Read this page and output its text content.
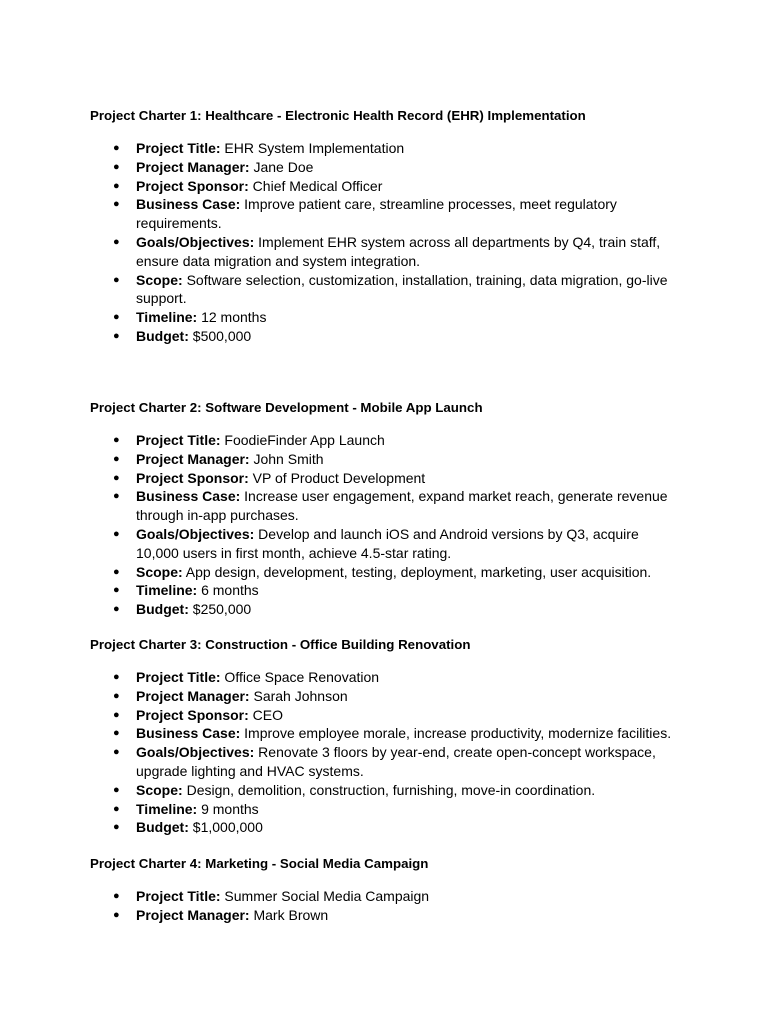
Project Charter 1: Healthcare - Electronic Health Record (EHR) Implementation

● Project Title: EHR System Implementation
● Project Manager: Jane Doe
● Project Sponsor: Chief Medical Officer
● Business Case: Improve patient care, streamline processes, meet regulatory requirements.
● Goals/Objectives: Implement EHR system across all departments by Q4, train staff, ensure data migration and system integration.
● Scope: Software selection, customization, installation, training, data migration, go-live support.
● Timeline: 12 months
● Budget: $500,000

Project Charter 2: Software Development - Mobile App Launch

● Project Title: FoodieFinder App Launch
● Project Manager: John Smith
● Project Sponsor: VP of Product Development
● Business Case: Increase user engagement, expand market reach, generate revenue through in-app purchases.
● Goals/Objectives: Develop and launch iOS and Android versions by Q3, acquire 10,000 users in first month, achieve 4.5-star rating.
● Scope: App design, development, testing, deployment, marketing, user acquisition.
● Timeline: 6 months
● Budget: $250,000

Project Charter 3: Construction - Office Building Renovation

● Project Title: Office Space Renovation
● Project Manager: Sarah Johnson
● Project Sponsor: CEO
● Business Case: Improve employee morale, increase productivity, modernize facilities.
● Goals/Objectives: Renovate 3 floors by year-end, create open-concept workspace, upgrade lighting and HVAC systems.
● Scope: Design, demolition, construction, furnishing, move-in coordination.
● Timeline: 9 months
● Budget: $1,000,000

Project Charter 4: Marketing - Social Media Campaign

● Project Title: Summer Social Media Campaign
● Project Manager: Mark Brown
